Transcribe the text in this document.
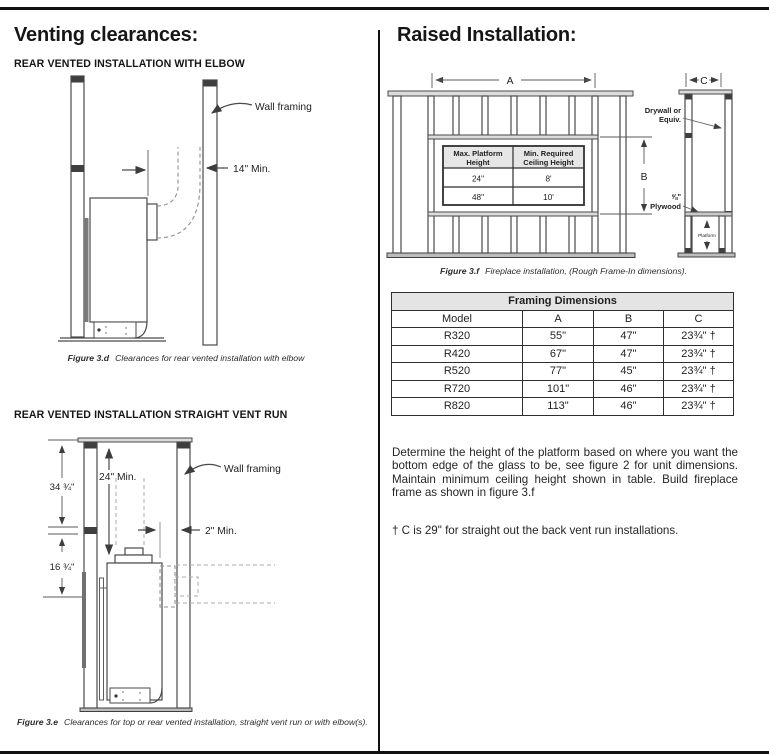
Venting clearances:
REAR VENTED INSTALLATION WITH ELBOW
14" Min.
Wall framing
Figure 3.d Clearances for rear vented installation with elbow
REAR VENTED INSTALLATION STRAIGHT VENT RUN
34 ¾"
16 ¾"
24" Min.
2" Min.
Wall framing
Figure 3.e Clearances for top or rear vented installation, straight vent run or with elbow(s).
Raised Installation:
A
B
Max. Platform
Height
Min. Required
Ceiling Height
24"	8'
48"	10'
C
Drywall or
Equiv.
⅝"
Plywood
Platform
Figure 3.f Fireplace installation, (Rough Frame-In dimensions).
Framing Dimensions			
Model	A	B	C
R320	55"	47"	23¾" †
R420	67"	47"	23¾" †
R520	77"	45"	23¾" †
R720	101"	46"	23¾" †
R820	113"	46"	23¾" †
Determine the height of the platform based on where you want the bottom edge of the glass to be, see figure 2 for unit dimensions. Maintain minimum ceiling height shown in table. Build fireplace frame as shown in figure 3.f
† C is 29" for straight out the back vent run installations.
